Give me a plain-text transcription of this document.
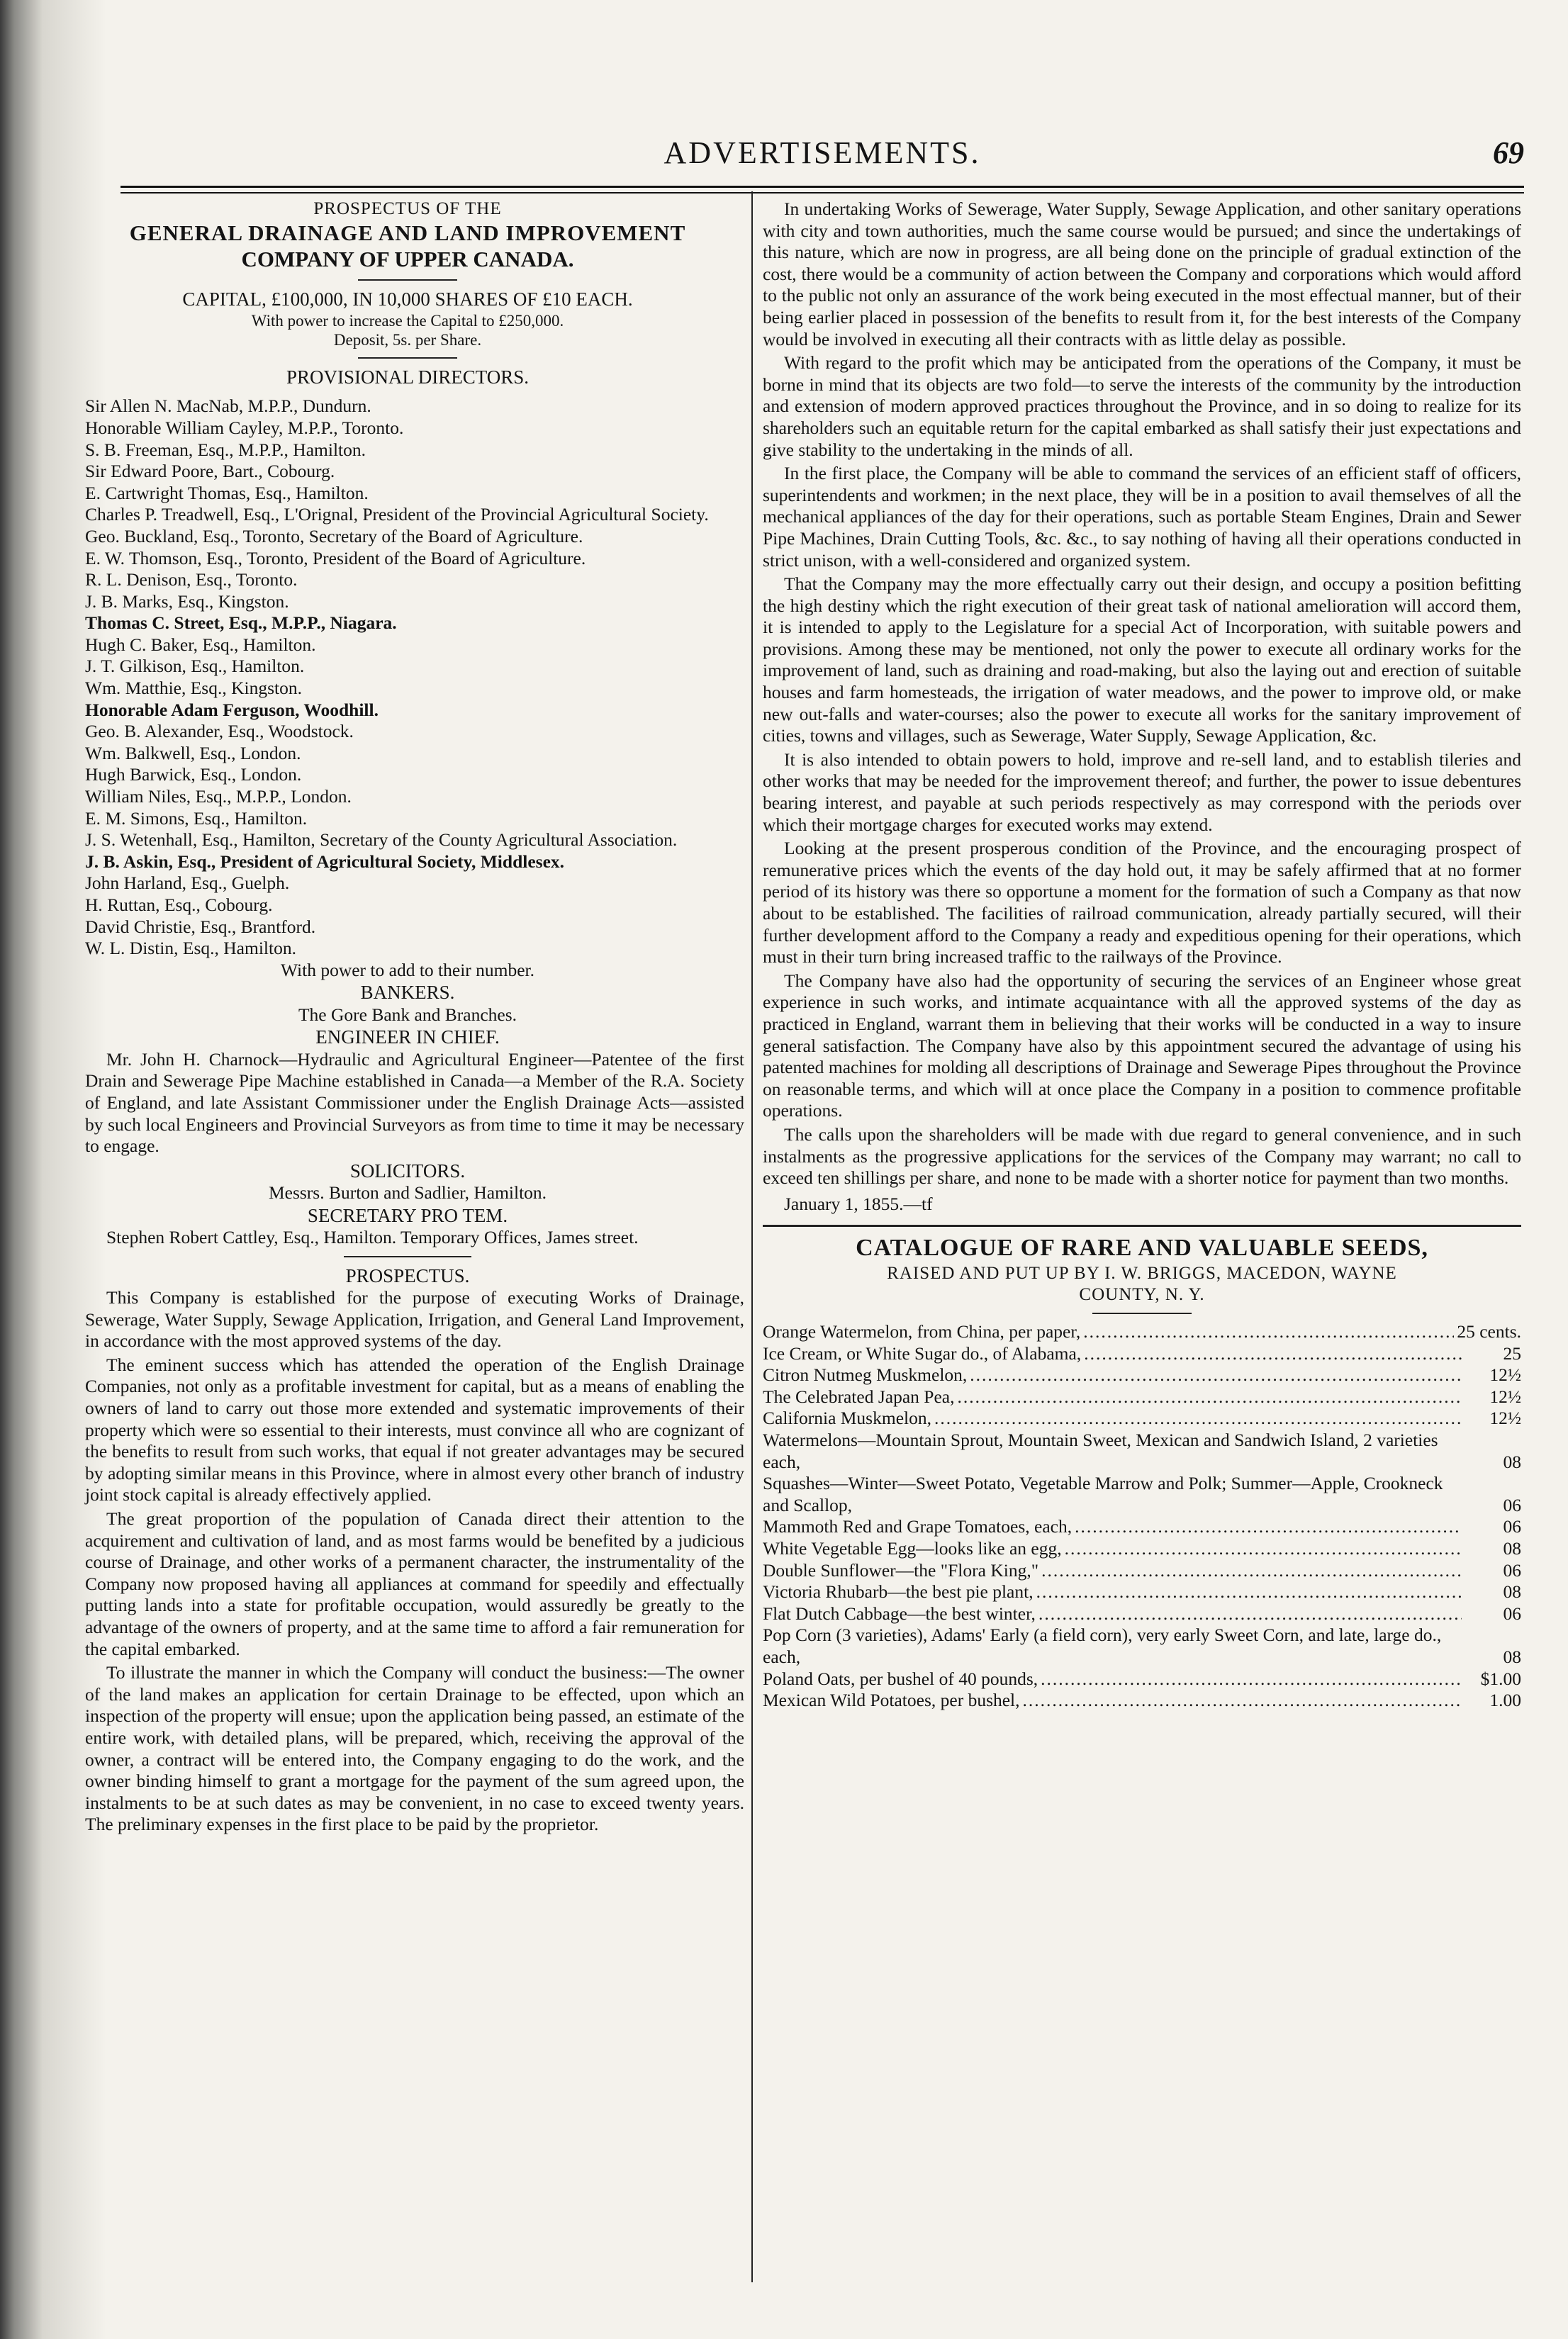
ADVERTISEMENTS.	69

PROSPECTUS OF THE

GENERAL DRAINAGE AND LAND IMPROVEMENT

COMPANY OF UPPER CANADA.

CAPITAL, £100,000, IN 10,000 SHARES OF £10 EACH.

With power to increase the Capital to £250,000.

Deposit, 5s. per Share.

PROVISIONAL DIRECTORS.

Sir Allen N. MacNab, M.P.P., Dundurn.

Honorable William Cayley, M.P.P., Toronto.

S. B. Freeman, Esq., M.P.P., Hamilton.

Sir Edward Poore, Bart., Cobourg.

E. Cartwright Thomas, Esq., Hamilton.

Charles P. Treadwell, Esq., L'Orignal, President of the Provincial Agricultural Society.

Geo. Buckland, Esq., Toronto, Secretary of the Board of Agriculture.

E. W. Thomson, Esq., Toronto, President of the Board of Agriculture.

R. L. Denison, Esq., Toronto.

J. B. Marks, Esq., Kingston.

Thomas C. Street, Esq., M.P.P., Niagara.

Hugh C. Baker, Esq., Hamilton.

J. T. Gilkison, Esq., Hamilton.

Wm. Matthie, Esq., Kingston.

Honorable Adam Ferguson, Woodhill.

Geo. B. Alexander, Esq., Woodstock.

Wm. Balkwell, Esq., London.

Hugh Barwick, Esq., London.

William Niles, Esq., M.P.P., London.

E. M. Simons, Esq., Hamilton.

J. S. Wetenhall, Esq., Hamilton, Secretary of the County Agricultural Association.

J. B. Askin, Esq., President of Agricultural Society, Middlesex.

John Harland, Esq., Guelph.

H. Ruttan, Esq., Cobourg.

David Christie, Esq., Brantford.

W. L. Distin, Esq., Hamilton.

With power to add to their number.

BANKERS.

The Gore Bank and Branches.

ENGINEER IN CHIEF.

Mr. John H. Charnock—Hydraulic and Agricultural Engineer—Patentee of the first Drain and Sewerage Pipe Machine established in Canada—a Member of the R.A. Society of England, and late Assistant Commissioner under the English Drainage Acts—assisted by such local Engineers and Provincial Surveyors as from time to time it may be necessary to engage.

SOLICITORS.

Messrs. Burton and Sadlier, Hamilton.

SECRETARY PRO TEM.

Stephen Robert Cattley, Esq., Hamilton. Temporary Offices, James street.

PROSPECTUS.

This Company is established for the purpose of executing Works of Drainage, Sewerage, Water Supply, Sewage Application, Irrigation, and General Land Improvement, in accordance with the most approved systems of the day.

The eminent success which has attended the operation of the English Drainage Companies, not only as a profitable investment for capital, but as a means of enabling the owners of land to carry out those more extended and systematic improvements of their property which were so essential to their interests, must convince all who are cognizant of the benefits to result from such works, that equal if not greater advantages may be secured by adopting similar means in this Province, where in almost every other branch of industry joint stock capital is already effectively applied.

The great proportion of the population of Canada direct their attention to the acquirement and cultivation of land, and as most farms would be benefited by a judicious course of Drainage, and other works of a permanent character, the instrumentality of the Company now proposed having all appliances at command for speedily and effectually putting lands into a state for profitable occupation, would assuredly be greatly to the advantage of the owners of property, and at the same time to afford a fair remuneration for the capital embarked.

To illustrate the manner in which the Company will conduct the business:—The owner of the land makes an application for certain Drainage to be effected, upon which an inspection of the property will ensue; upon the application being passed, an estimate of the entire work, with detailed plans, will be prepared, which, receiving the approval of the owner, a contract will be entered into, the Company engaging to do the work, and the owner binding himself to grant a mortgage for the payment of the sum agreed upon, the instalments to be at such dates as may be convenient, in no case to exceed twenty years. The preliminary expenses in the first place to be paid by the proprietor.

In undertaking Works of Sewerage, Water Supply, Sewage Application, and other sanitary operations with city and town authorities, much the same course would be pursued; and since the undertakings of this nature, which are now in progress, are all being done on the principle of gradual extinction of the cost, there would be a community of action between the Company and corporations which would afford to the public not only an assurance of the work being executed in the most effectual manner, but of their being earlier placed in possession of the benefits to result from it, for the best interests of the Company would be involved in executing all their contracts with as little delay as possible.

With regard to the profit which may be anticipated from the operations of the Company, it must be borne in mind that its objects are two fold—to serve the interests of the community by the introduction and extension of modern approved practices throughout the Province, and in so doing to realize for its shareholders such an equitable return for the capital embarked as shall satisfy their just expectations and give stability to the undertaking in the minds of all.

In the first place, the Company will be able to command the services of an efficient staff of officers, superintendents and workmen; in the next place, they will be in a position to avail themselves of all the mechanical appliances of the day for their operations, such as portable Steam Engines, Drain and Sewer Pipe Machines, Drain Cutting Tools, &c. &c., to say nothing of having all their operations conducted in strict unison, with a well-considered and organized system.

That the Company may the more effectually carry out their design, and occupy a position befitting the high destiny which the right execution of their great task of national amelioration will accord them, it is intended to apply to the Legislature for a special Act of Incorporation, with suitable powers and provisions. Among these may be mentioned, not only the power to execute all ordinary works for the improvement of land, such as draining and road-making, but also the laying out and erection of suitable houses and farm homesteads, the irrigation of water meadows, and the power to improve old, or make new out-falls and water-courses; also the power to execute all works for the sanitary improvement of cities, towns and villages, such as Sewerage, Water Supply, Sewage Application, &c.

It is also intended to obtain powers to hold, improve and re-sell land, and to establish tileries and other works that may be needed for the improvement thereof; and further, the power to issue debentures bearing interest, and payable at such periods respectively as may correspond with the periods over which their mortgage charges for executed works may extend.

Looking at the present prosperous condition of the Province, and the encouraging prospect of remunerative prices which the events of the day hold out, it may be safely affirmed that at no former period of its history was there so opportune a moment for the formation of such a Company as that now about to be established. The facilities of railroad communication, already partially secured, will their further development afford to the Company a ready and expeditious opening for their operations, which must in their turn bring increased traffic to the railways of the Province.

The Company have also had the opportunity of securing the services of an Engineer whose great experience in such works, and intimate acquaintance with all the approved systems of the day as practiced in England, warrant them in believing that their works will be conducted in a way to insure general satisfaction. The Company have also by this appointment secured the advantage of using his patented machines for molding all descriptions of Drainage and Sewerage Pipes throughout the Province on reasonable terms, and which will at once place the Company in a position to commence profitable operations.

The calls upon the shareholders will be made with due regard to general convenience, and in such instalments as the progressive applications for the services of the Company may warrant; no call to exceed ten shillings per share, and none to be made with a shorter notice for payment than two months.

January 1, 1855.—tf

CATALOGUE OF RARE AND VALUABLE SEEDS,

RAISED AND PUT UP BY I. W. BRIGGS, MACEDON, WAYNE

COUNTY, N. Y.

Orange Watermelon, from China, per paper, .....	25 cents.
Ice Cream, or White Sugar do., of Alabama, .....	25
Citron Nutmeg Muskmelon, .....	12½
The Celebrated Japan Pea, .....	12½
California Muskmelon, .....	12½
Watermelons—Mountain Sprout, Mountain Sweet, Mexican and Sandwich Island, 2 varieties each,	08
Squashes—Winter—Sweet Potato, Vegetable Marrow and Polk; Summer—Apple, Crookneck and Scallop,	06
Mammoth Red and Grape Tomatoes, each, .....	06
White Vegetable Egg—looks like an egg, .....	08
Double Sunflower—the "Flora King," .....	06
Victoria Rhubarb—the best pie plant, .....	08
Flat Dutch Cabbage—the best winter, .....	06
Pop Corn (3 varieties), Adams' Early (a field corn), very early Sweet Corn, and late, large do., each,	08
Poland Oats, per bushel of 40 pounds, .....	$1.00
Mexican Wild Potatoes, per bushel, .....	1.00
